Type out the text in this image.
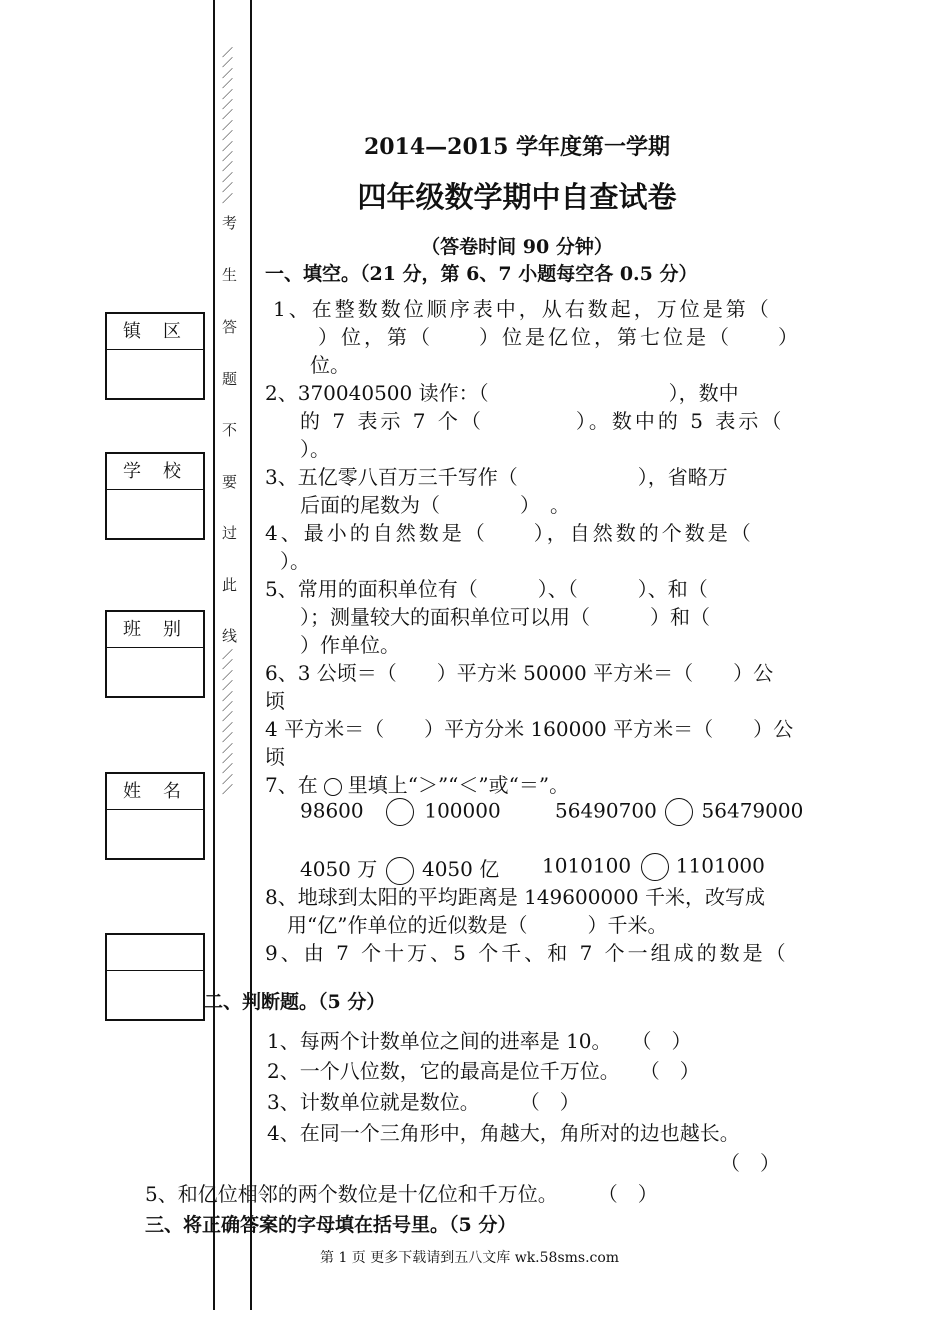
／
／
／
／
／
／
／
／
／
／
／
／
／
／
／
考
生
答
题
不
要
过
此
线
／
／
／
／
／
／
／
／
／
／
／
／
／
／
镇　区
学　校
班　别
姓　名
2014—2015 学年度第一学期
四年级数学期中自查试卷
（答卷时间 90 分钟）
一、填空。（21 分，第 6、7 小题每空各 0.5 分）
1、在整数数位顺序表中，从右数起，万位是第（
）位，第（　　）位是亿位，第七位是（　　）
位。
2、370040500 读作：（　　　　　　　　　），数中
的 7 表示 7 个（　　　　）。数中的 5 表示（
）。
3、五亿零八百万三千写作（　　　　　　），省略万
后面的尾数为（　　　　）　。
4、最小的自然数是（　　），自然数的个数是（
）。
5、常用的面积单位有（　　　）、（　　　）、和（
）；测量较大的面积单位可以用（　　　）和（
）作单位。
6、3 公顷＝（　　）平方米 50000 平方米＝（　　）公
顷
4 平方米＝（　　）平方分米 160000 平方米＝（　　）公
顷
7、在 里填上“＞”“＜”或“＝”。
98600	100000	56490700 56479000
4050 万 4050 亿 1010100 1101000
8、地球到太阳的平均距离是 149600000 千米，改写成
用“亿”作单位的近似数是（　　　）千米。
9、由 7 个十万、5 个千、和 7 个一组成的数是（
二、判断题。（5 分）
1、每两个计数单位之间的进率是 10。　　（　）
2、一个八位数，它的最高是位千万位。　　（　）
3、计数单位就是数位。　　　（　）
4、在同一个三角形中，角越大，角所对的边也越长。
（　）
5、和亿位相邻的两个数位是十亿位和千万位。　　　（　）
三、将正确答案的字母填在括号里。（5 分）
第 1 页 更多下载请到五八文库 wk.58sms.com
